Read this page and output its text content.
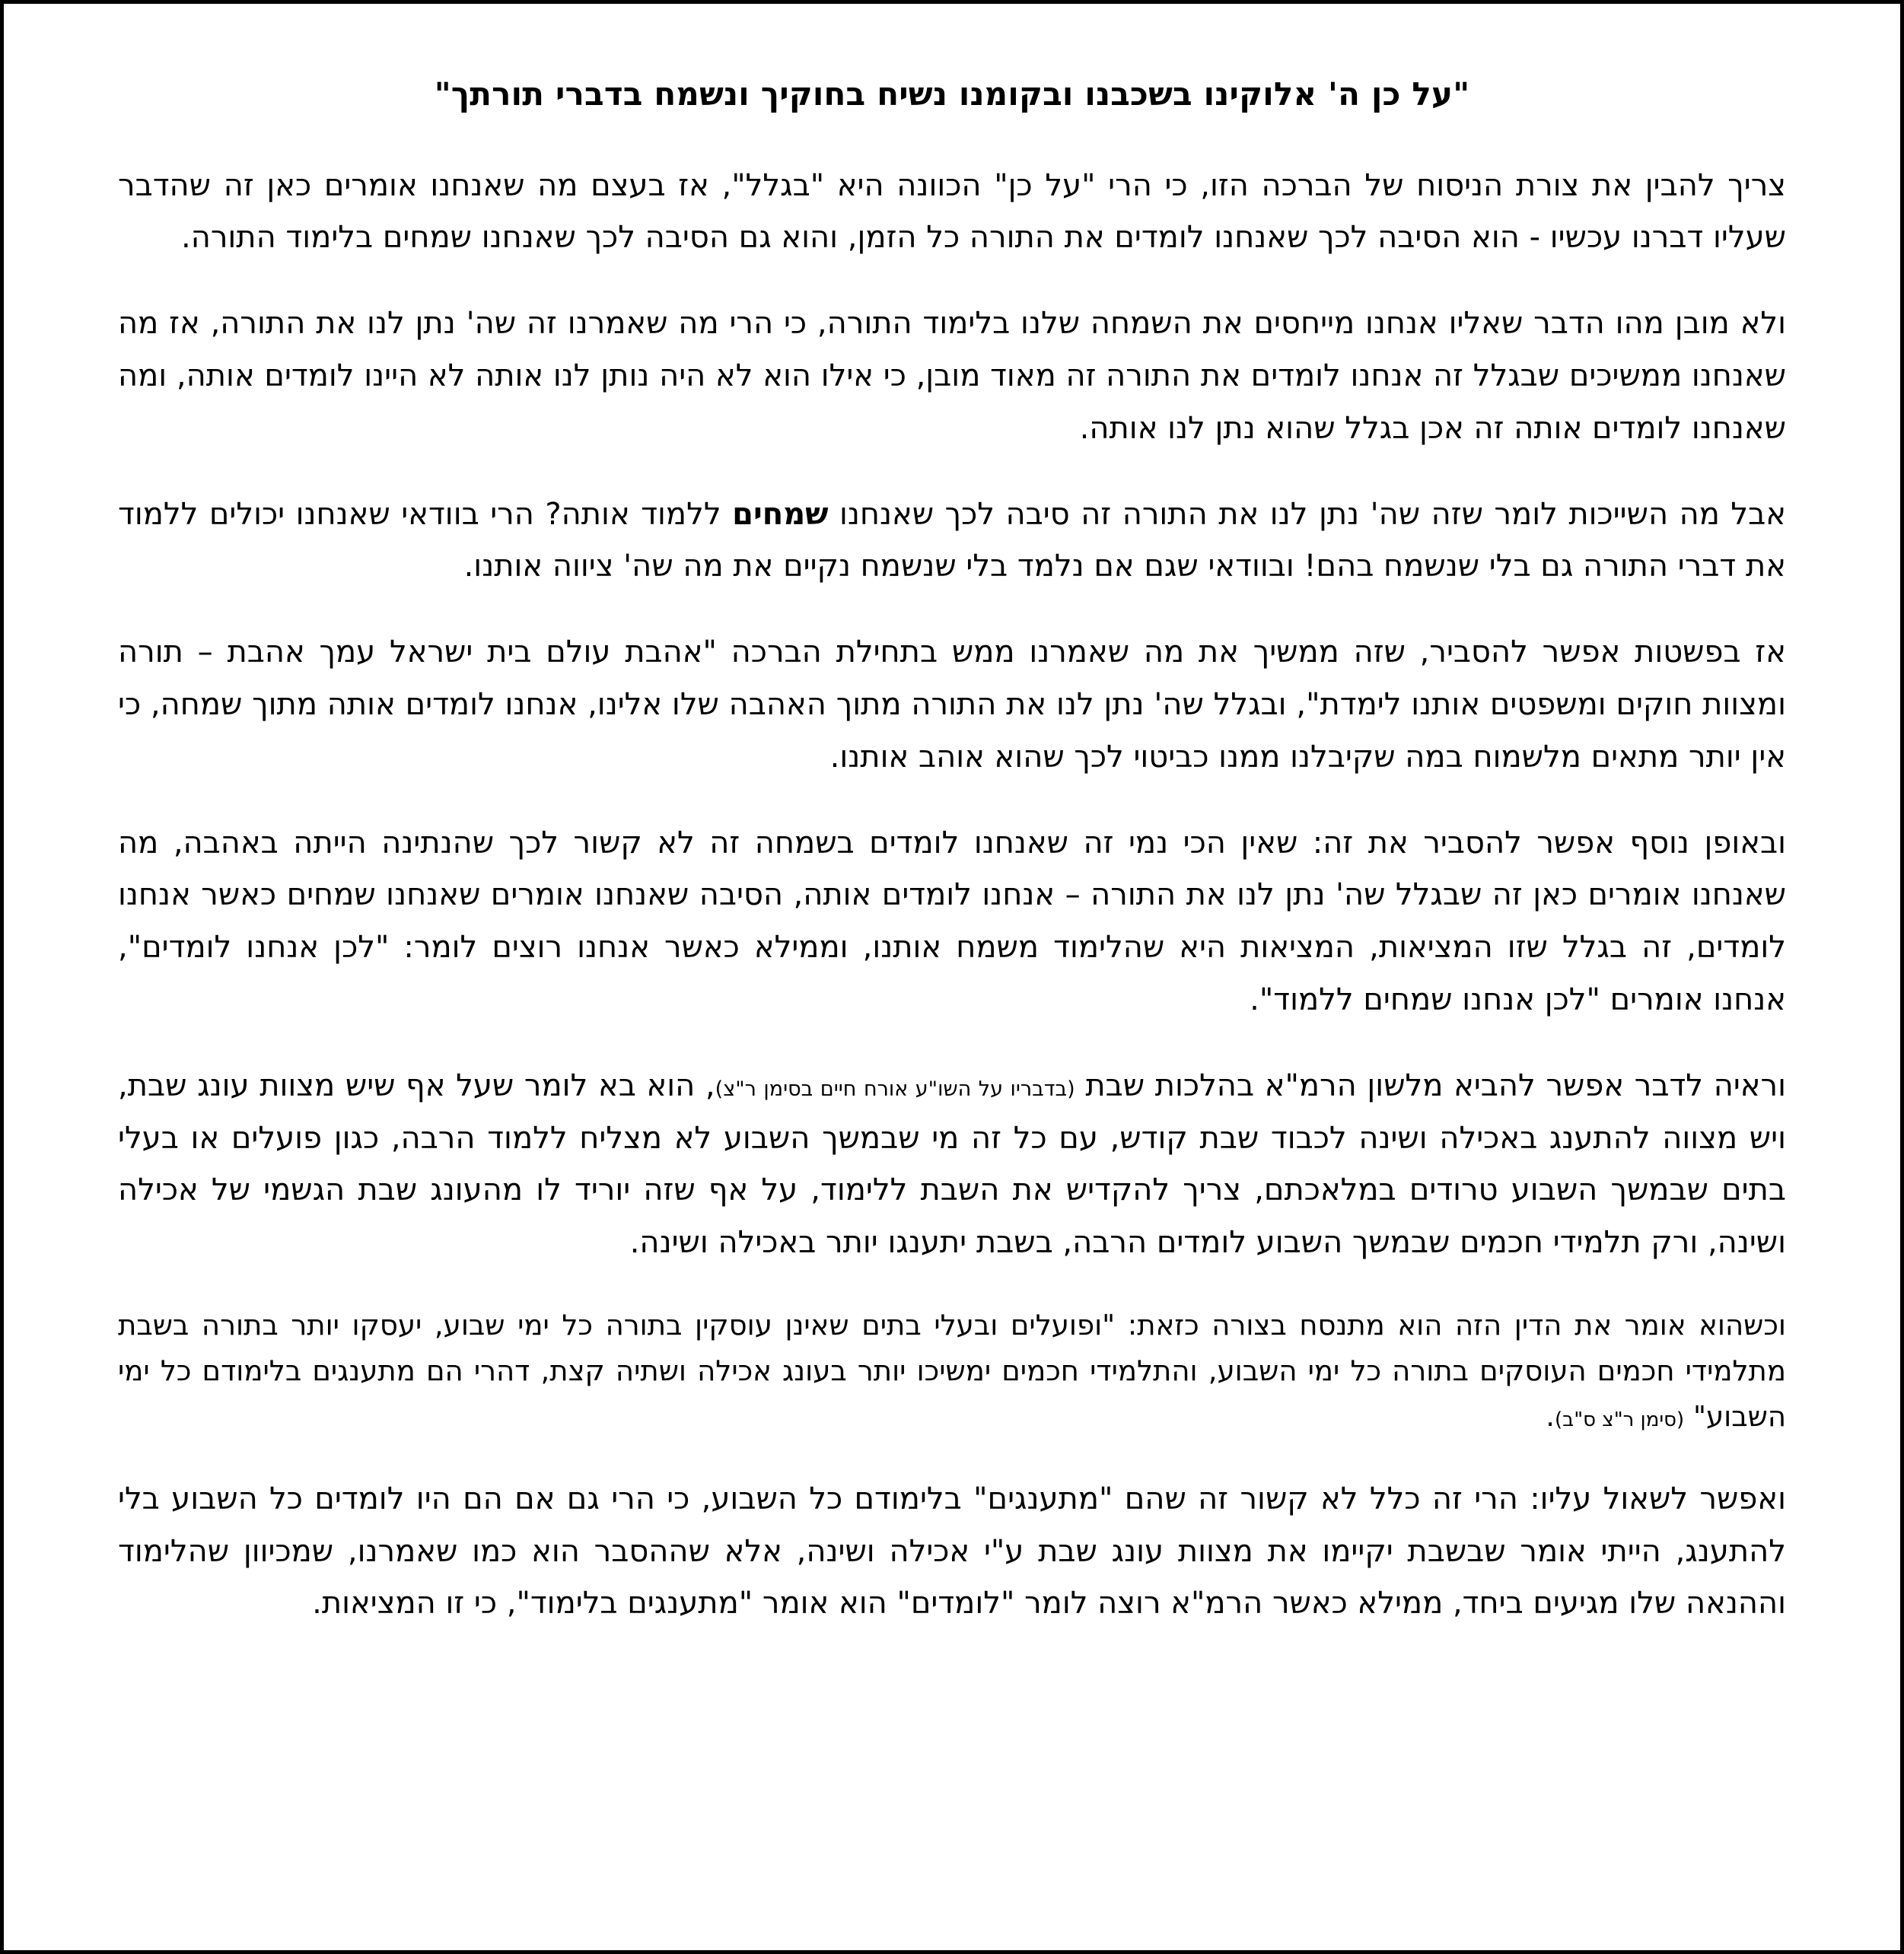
"על כן ה' אלוקינו בשכבנו ובקומנו נשיח בחוקיך ונשמח בדברי תורתך"

צריך להבין את צורת הניסוח של הברכה הזו, כי הרי "על כן" הכוונה היא "בגלל", אז בעצם מה שאנחנו אומרים כאן זה שהדבר שעליו דברנו עכשיו - הוא הסיבה לכך שאנחנו לומדים את התורה כל הזמן, והוא גם הסיבה לכך שאנחנו שמחים בלימוד התורה.

ולא מובן מהו הדבר שאליו אנחנו מייחסים את השמחה שלנו בלימוד התורה, כי הרי מה שאמרנו זה שה' נתן לנו את התורה, אז מה שאנחנו ממשיכים שבגלל זה אנחנו לומדים את התורה זה מאוד מובן, כי אילו הוא לא היה נותן לנו אותה לא היינו לומדים אותה, ומה שאנחנו לומדים אותה זה אכן בגלל שהוא נתן לנו אותה.

אבל מה השייכות לומר שזה שה' נתן לנו את התורה זה סיבה לכך שאנחנו שמחים ללמוד אותה? הרי בוודאי שאנחנו יכולים ללמוד את דברי התורה גם בלי שנשמח בהם! ובוודאי שגם אם נלמד בלי שנשמח נקיים את מה שה' ציווה אותנו.

אז בפשטות אפשר להסביר, שזה ממשיך את מה שאמרנו ממש בתחילת הברכה "אהבת עולם בית ישראל עמך אהבת – תורה ומצוות חוקים ומשפטים אותנו לימדת", ובגלל שה' נתן לנו את התורה מתוך האהבה שלו אלינו, אנחנו לומדים אותה מתוך שמחה, כי אין יותר מתאים מלשמוח במה שקיבלנו ממנו כביטוי לכך שהוא אוהב אותנו.

ובאופן נוסף אפשר להסביר את זה: שאין הכי נמי זה שאנחנו לומדים בשמחה זה לא קשור לכך שהנתינה הייתה באהבה, מה שאנחנו אומרים כאן זה שבגלל שה' נתן לנו את התורה – אנחנו לומדים אותה, הסיבה שאנחנו אומרים שאנחנו שמחים כאשר אנחנו לומדים, זה בגלל שזו המציאות, המציאות היא שהלימוד משמח אותנו, וממילא כאשר אנחנו רוצים לומר: "לכן אנחנו לומדים", אנחנו אומרים "לכן אנחנו שמחים ללמוד".

וראיה לדבר אפשר להביא מלשון הרמ"א בהלכות שבת (בדבריו על השו"ע אורח חיים בסימן ר"צ), הוא בא לומר שעל אף שיש מצוות עונג שבת, ויש מצווה להתענג באכילה ושינה לכבוד שבת קודש, עם כל זה מי שבמשך השבוע לא מצליח ללמוד הרבה, כגון פועלים או בעלי בתים שבמשך השבוע טרודים במלאכתם, צריך להקדיש את השבת ללימוד, על אף שזה יוריד לו מהעונג שבת הגשמי של אכילה ושינה, ורק תלמידי חכמים שבמשך השבוע לומדים הרבה, בשבת יתענגו יותר באכילה ושינה.

וכשהוא אומר את הדין הזה הוא מתנסח בצורה כזאת: "ופועלים ובעלי בתים שאינן עוסקין בתורה כל ימי שבוע, יעסקו יותר בתורה בשבת מתלמידי חכמים העוסקים בתורה כל ימי השבוע, והתלמידי חכמים ימשיכו יותר בעונג אכילה ושתיה קצת, דהרי הם מתענגים בלימודם כל ימי השבוע" (סימן ר"צ ס"ב).

ואפשר לשאול עליו: הרי זה כלל לא קשור זה שהם "מתענגים" בלימודם כל השבוע, כי הרי גם אם הם היו לומדים כל השבוע בלי להתענג, הייתי אומר שבשבת יקיימו את מצוות עונג שבת ע"י אכילה ושינה, אלא שההסבר הוא כמו שאמרנו, שמכיוון שהלימוד וההנאה שלו מגיעים ביחד, ממילא כאשר הרמ"א רוצה לומר "לומדים" הוא אומר "מתענגים בלימוד", כי זו המציאות.
